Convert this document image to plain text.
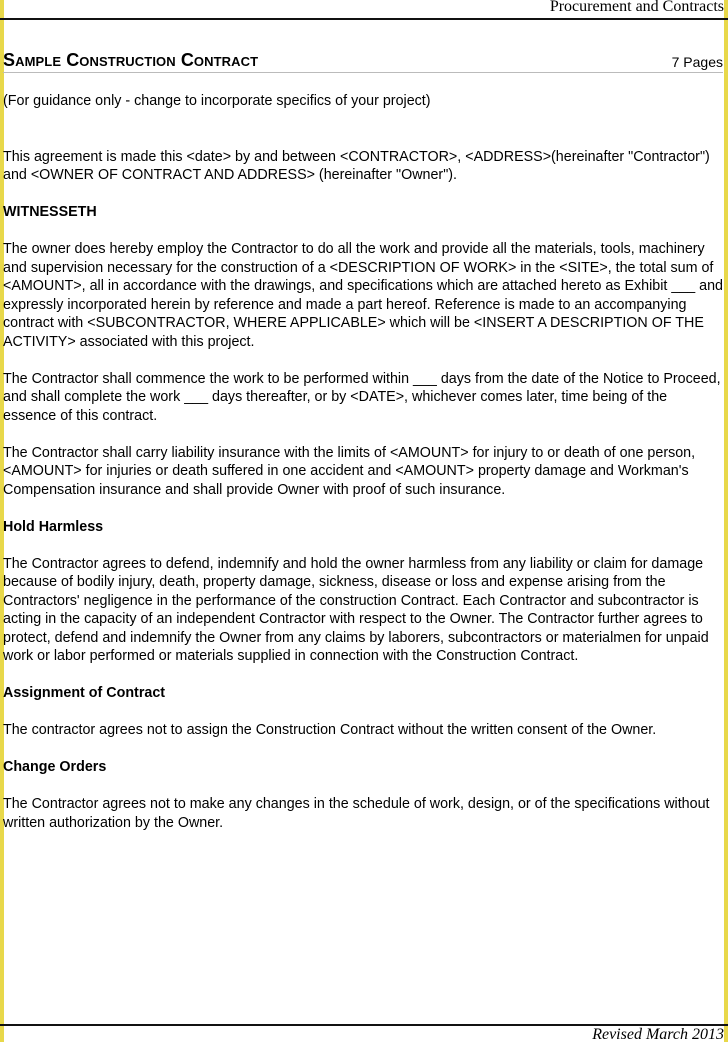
Procurement and Contracts
Sample Construction Contract	7 Pages

(For guidance only - change to incorporate specifics of your project)

This agreement is made this <date> by and between <CONTRACTOR>, <ADDRESS>(hereinafter "Contractor") and <OWNER OF CONTRACT AND ADDRESS> (hereinafter "Owner").

WITNESSETH

The owner does hereby employ the Contractor to do all the work and provide all the materials, tools, machinery and supervision necessary for the construction of a <DESCRIPTION OF WORK> in the <SITE>, the total sum of <AMOUNT>, all in accordance with the drawings, and specifications which are attached hereto as Exhibit ___ and expressly incorporated herein by reference and made a part hereof. Reference is made to an accompanying contract with <SUBCONTRACTOR, WHERE APPLICABLE> which will be <INSERT A DESCRIPTION OF THE ACTIVITY> associated with this project.

The Contractor shall commence the work to be performed within ___ days from the date of the Notice to Proceed, and shall complete the work ___ days thereafter, or by <DATE>, whichever comes later, time being of the essence of this contract.

The Contractor shall carry liability insurance with the limits of <AMOUNT> for injury to or death of one person, <AMOUNT> for injuries or death suffered in one accident and <AMOUNT> property damage and Workman's Compensation insurance and shall provide Owner with proof of such insurance.

Hold Harmless

The Contractor agrees to defend, indemnify and hold the owner harmless from any liability or claim for damage because of bodily injury, death, property damage, sickness, disease or loss and expense arising from the Contractors' negligence in the performance of the construction Contract. Each Contractor and subcontractor is acting in the capacity of an independent Contractor with respect to the Owner. The Contractor further agrees to protect, defend and indemnify the Owner from any claims by laborers, subcontractors or materialmen for unpaid work or labor performed or materials supplied in connection with the Construction Contract.

Assignment of Contract

The contractor agrees not to assign the Construction Contract without the written consent of the Owner.

Change Orders

The Contractor agrees not to make any changes in the schedule of work, design, or of the specifications without written authorization by the Owner.

Revised March 2013
